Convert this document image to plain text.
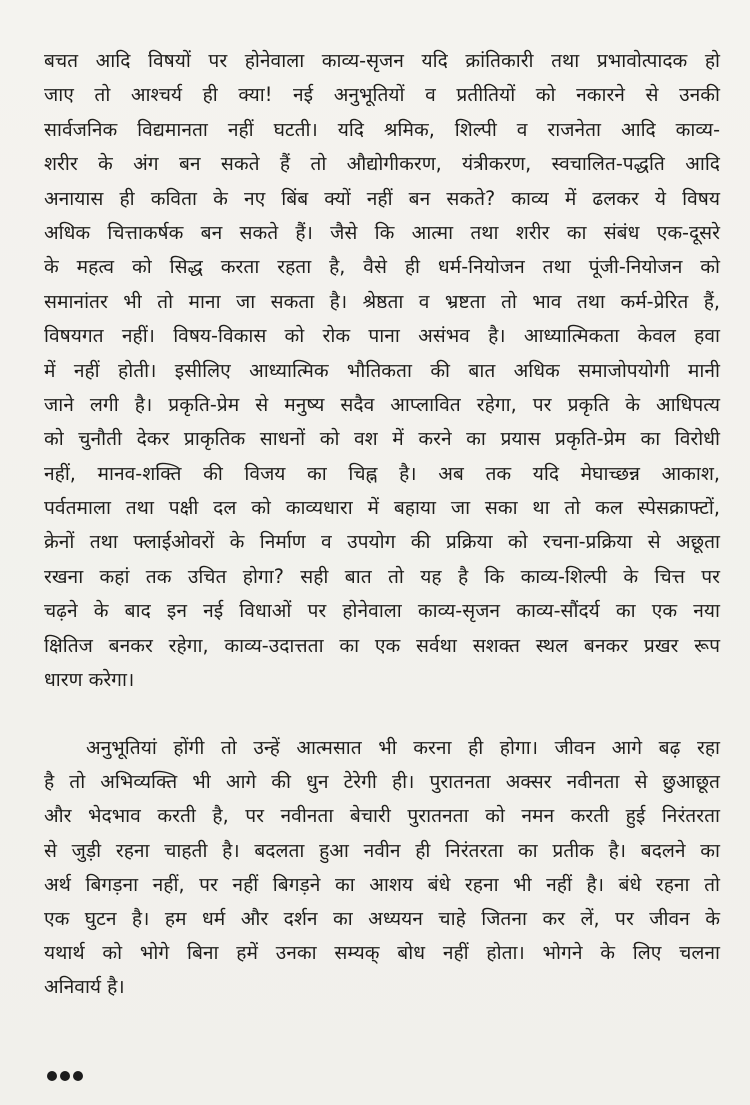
बचत आदि विषयों पर होनेवाला काव्य-सृजन यदि क्रांतिकारी तथा प्रभावोत्पादक हो
जाए तो आश्चर्य ही क्या! नई अनुभूतियों व प्रतीतियों को नकारने से उनकी
सार्वजनिक विद्यमानता नहीं घटती। यदि श्रमिक, शिल्पी व राजनेता आदि काव्य-
शरीर के अंग बन सकते हैं तो औद्योगीकरण, यंत्रीकरण, स्वचालित-पद्धति आदि
अनायास ही कविता के नए बिंब क्यों नहीं बन सकते? काव्य में ढलकर ये विषय
अधिक चित्ताकर्षक बन सकते हैं। जैसे कि आत्मा तथा शरीर का संबंध एक-दूसरे
के महत्व को सिद्ध करता रहता है, वैसे ही धर्म-नियोजन तथा पूंजी-नियोजन को
समानांतर भी तो माना जा सकता है। श्रेष्ठता व भ्रष्टता तो भाव तथा कर्म-प्रेरित हैं,
विषयगत नहीं। विषय-विकास को रोक पाना असंभव है। आध्यात्मिकता केवल हवा
में नहीं होती। इसीलिए आध्यात्मिक भौतिकता की बात अधिक समाजोपयोगी मानी
जाने लगी है। प्रकृति-प्रेम से मनुष्य सदैव आप्लावित रहेगा, पर प्रकृति के आधिपत्य
को चुनौती देकर प्राकृतिक साधनों को वश में करने का प्रयास प्रकृति-प्रेम का विरोधी
नहीं, मानव-शक्ति की विजय का चिह्न है। अब तक यदि मेघाच्छन्न आकाश,
पर्वतमाला तथा पक्षी दल को काव्यधारा में बहाया जा सका था तो कल स्पेसक्राफ्टों,
क्रेनों तथा फ्लाईओवरों के निर्माण व उपयोग की प्रक्रिया को रचना-प्रक्रिया से अछूता
रखना कहां तक उचित होगा? सही बात तो यह है कि काव्य-शिल्पी के चित्त पर
चढ़ने के बाद इन नई विधाओं पर होनेवाला काव्य-सृजन काव्य-सौंदर्य का एक नया
क्षितिज बनकर रहेगा, काव्य-उदात्तता का एक सर्वथा सशक्त स्थल बनकर प्रखर रूप
धारण करेगा।
अनुभूतियां होंगी तो उन्हें आत्मसात भी करना ही होगा। जीवन आगे बढ़ रहा
है तो अभिव्यक्ति भी आगे की धुन टेरेगी ही। पुरातनता अक्सर नवीनता से छुआछूत
और भेदभाव करती है, पर नवीनता बेचारी पुरातनता को नमन करती हुई निरंतरता
से जुड़ी रहना चाहती है। बदलता हुआ नवीन ही निरंतरता का प्रतीक है। बदलने का
अर्थ बिगड़ना नहीं, पर नहीं बिगड़ने का आशय बंधे रहना भी नहीं है। बंधे रहना तो
एक घुटन है। हम धर्म और दर्शन का अध्ययन चाहे जितना कर लें, पर जीवन के
यथार्थ को भोगे बिना हमें उनका सम्यक् बोध नहीं होता। भोगने के लिए चलना
अनिवार्य है।
